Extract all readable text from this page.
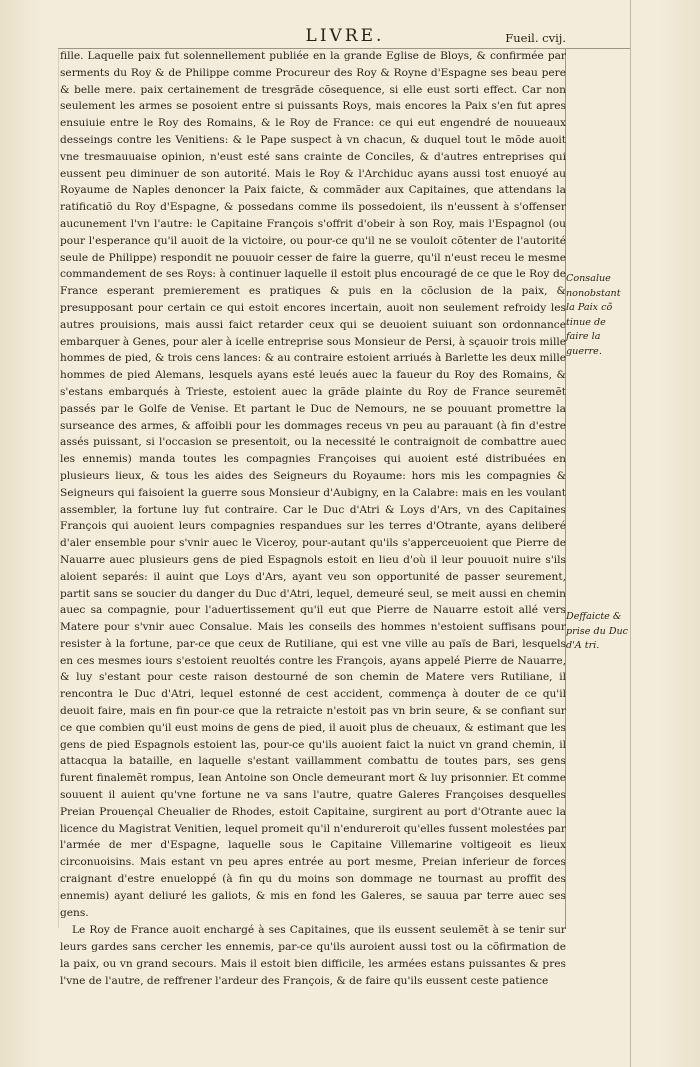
LIVRE.	Fueil. cvij.

fille. Laquelle paix fut solennellement publiée en la grande Eglise de Bloys, & confirmée par serments du Roy & de Philippe comme Procureur des Roy & Royne d'Espagne ses beau pere & belle mere. paix certainement de tresgrãde cõsequence, si elle eust sorti effect. Car non seulement les armes se posoient entre si puissants Roys, mais encores la Paix s'en fut apres ensuiuie entre le Roy des Romains, & le Roy de France: ce qui eut engendré de nouueaux desseings contre les Venitiens: & le Pape suspect à vn chacun, & duquel tout le mõde auoit vne tresmauuaise opinion, n'eust esté sans crainte de Conciles, & d'autres entreprises qui eussent peu diminuer de son autorité. Mais le Roy & l'Archiduc ayans aussi tost enuoyé au Royaume de Naples denoncer la Paix faicte, & commãder aux Capitaines, que attendans la ratificatiõ du Roy d'Espagne, & possedans comme ils possedoient, ils n'eussent à s'offenser aucunement l'vn l'autre: le Capitaine François s'offrit d'obeir à son Roy, mais l'Espagnol (ou pour l'esperance qu'il auoit de la victoire, ou pour-ce qu'il ne se vouloit cõtenter de l'autorité seule de Philippe) respondit ne pouuoir cesser de faire la guerre, qu'il n'eust receu le mesme commandement de ses Roys: à continuer laquelle il estoit plus encouragé de ce que le Roy de France esperant premierement es pratiques & puis en la cõclusion de la paix, & presupposant pour certain ce qui estoit encores incertain, auoit non seulement refroidy les autres prouisions, mais aussi faict retarder ceux qui se deuoient suiuant son ordonnance embarquer à Genes, pour aler à icelle entreprise sous Monsieur de Persi, à sçauoir trois mille hommes de pied, & trois cens lances: & au contraire estoient arriués à Barlette les deux mille hommes de pied Alemans, lesquels ayans esté leués auec la faueur du Roy des Romains, & s'estans embarqués à Trieste, estoient auec la grãde plainte du Roy de France seuremẽt passés par le Golfe de Venise. Et partant le Duc de Nemours, ne se pouuant promettre la surseance des armes, & affoibli pour les dommages receus vn peu au parauant (à fin d'estre assés puissant, si l'occasion se presentoit, ou la necessité le contraignoit de combattre auec les ennemis) manda toutes les compagnies Françoises qui auoient esté distribuées en plusieurs lieux, & tous les aides des Seigneurs du Royaume: hors mis les compagnies & Seigneurs qui faisoient la guerre sous Monsieur d'Aubigny, en la Calabre: mais en les voulant assembler, la fortune luy fut contraire. Car le Duc d'Atri & Loys d'Ars, vn des Capitaines François qui auoient leurs compagnies respandues sur les terres d'Otrante, ayans deliberé d'aler ensemble pour s'vnir auec le Viceroy, pour-autant qu'ils s'apperceuoient que Pierre de Nauarre auec plusieurs gens de pied Espagnols estoit en lieu d'où il leur pouuoit nuire s'ils aloient separés: il auint que Loys d'Ars, ayant veu son opportunité de passer seurement, partit sans se soucier du danger du Duc d'Atri, lequel, demeuré seul, se meit aussi en chemin auec sa compagnie, pour l'aduertissement qu'il eut que Pierre de Nauarre estoit allé vers Matere pour s'vnir auec Consalue. Mais les conseils des hommes n'estoient suffisans pour resister à la fortune, par-ce que ceux de Rutiliane, qui est vne ville au païs de Bari, lesquels en ces mesmes iours s'estoient reuoltés contre les François, ayans appelé Pierre de Nauarre, & luy s'estant pour ceste raison destourné de son chemin de Matere vers Rutiliane, il rencontra le Duc d'Atri, lequel estonné de cest accident, commença à douter de ce qu'il deuoit faire, mais en fin pour-ce que la retraicte n'estoit pas vn brin seure, & se confiant sur ce que combien qu'il eust moins de gens de pied, il auoit plus de cheuaux, & estimant que les gens de pied Espagnols estoient las, pour-ce qu'ils auoient faict la nuict vn grand chemin, il attacqua la bataille, en laquelle s'estant vaillamment combattu de toutes pars, ses gens furent finalemẽt rompus, Iean Antoine son Oncle demeurant mort & luy prisonnier. Et comme souuent il auient qu'vne fortune ne va sans l'autre, quatre Galeres Françoises desquelles Preian Prouençal Cheualier de Rhodes, estoit Capitaine, surgirent au port d'Otrante auec la licence du Magistrat Venitien, lequel promeit qu'il n'endureroit qu'elles fussent molestées par l'armée de mer d'Espagne, laquelle sous le Capitaine Villemarine voltigeoit es lieux circonuoisins. Mais estant vn peu apres entrée au port mesme, Preian inferieur de forces craignant d'estre enueloppé (à fin qu du moins son dommage ne tournast au proffit des ennemis) ayant deliuré les galiots, & mis en fond les Galeres, se sauua par terre auec ses gens.

Le Roy de France auoit enchargé à ses Capitaines, que ils eussent seulemẽt à se tenir sur leurs gardes sans cercher les ennemis, par-ce qu'ils auroient aussi tost ou la cõfirmation de la paix, ou vn grand secours. Mais il estoit bien difficile, les armées estans puissantes & pres l'vne de l'autre, de reffrener l'ardeur des François, & de faire qu'ils eussent ceste patience

Consalue nonobstant la Paix cõ tinue de faire la guerre.
Deffaicte & prise du Duc d'A tri.
